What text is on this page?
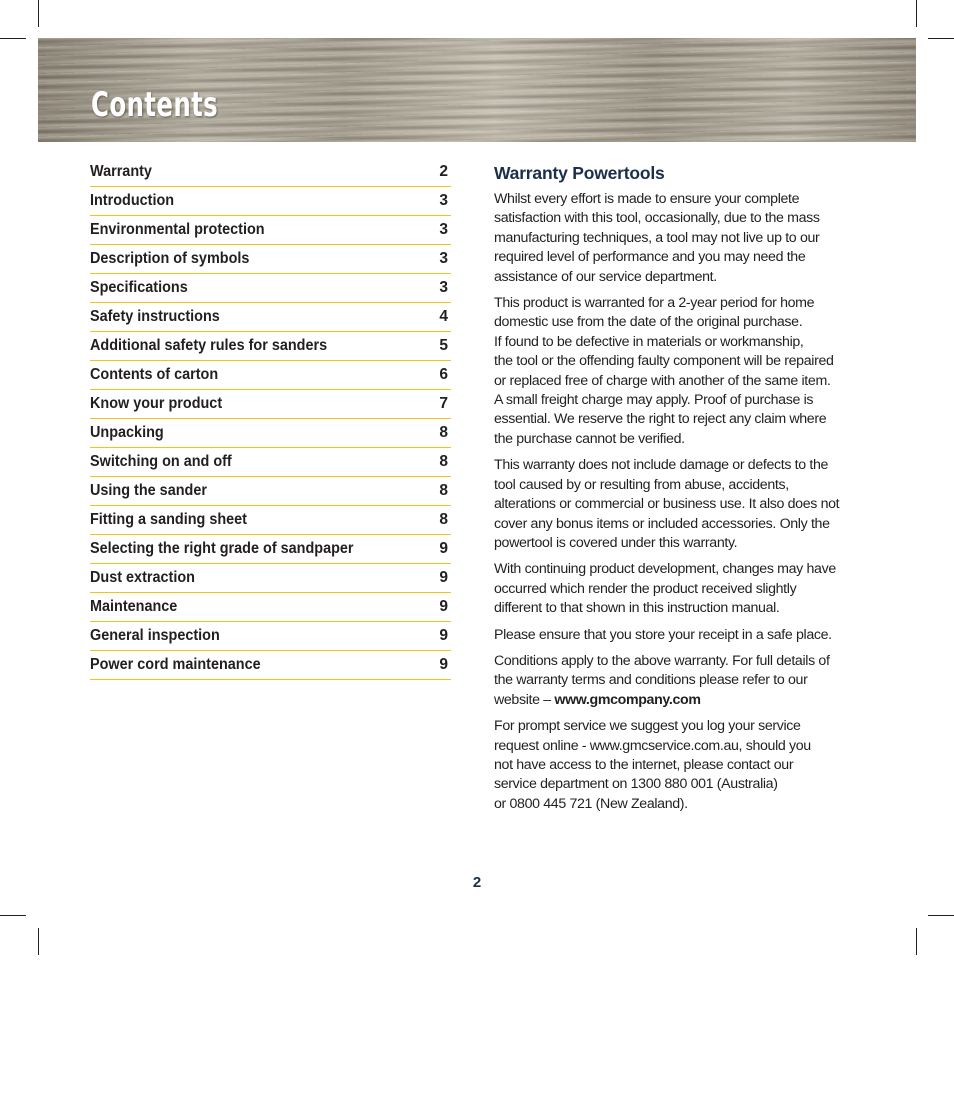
Contents
Warranty	2
Introduction	3
Environmental protection	3
Description of symbols	3
Specifications	3
Safety instructions	4
Additional safety rules for sanders	5
Contents of carton	6
Know your product	7
Unpacking	8
Switching on and off	8
Using the sander	8
Fitting a sanding sheet	8
Selecting the right grade of sandpaper	9
Dust extraction	9
Maintenance	9
General inspection	9
Power cord maintenance	9
Warranty Powertools

Whilst every effort is made to ensure your complete
satisfaction with this tool, occasionally, due to the mass
manufacturing techniques, a tool may not live up to our
required level of performance and you may need the
assistance of our service department.

This product is warranted for a 2-year period for home
domestic use from the date of the original purchase.
If found to be defective in materials or workmanship,
the tool or the offending faulty component will be repaired
or replaced free of charge with another of the same item.
A small freight charge may apply. Proof of purchase is
essential. We reserve the right to reject any claim where
the purchase cannot be verified.

This warranty does not include damage or defects to the
tool caused by or resulting from abuse, accidents,
alterations or commercial or business use. It also does not
cover any bonus items or included accessories. Only the
powertool is covered under this warranty.

With continuing product development, changes may have
occurred which render the product received slightly
different to that shown in this instruction manual.

Please ensure that you store your receipt in a safe place.

Conditions apply to the above warranty. For full details of
the warranty terms and conditions please refer to our
website – www.gmcompany.com

For prompt service we suggest you log your service
request online - www.gmcservice.com.au, should you
not have access to the internet, please contact our
service department on 1300 880 001 (Australia)
or 0800 445 721 (New Zealand).

2
